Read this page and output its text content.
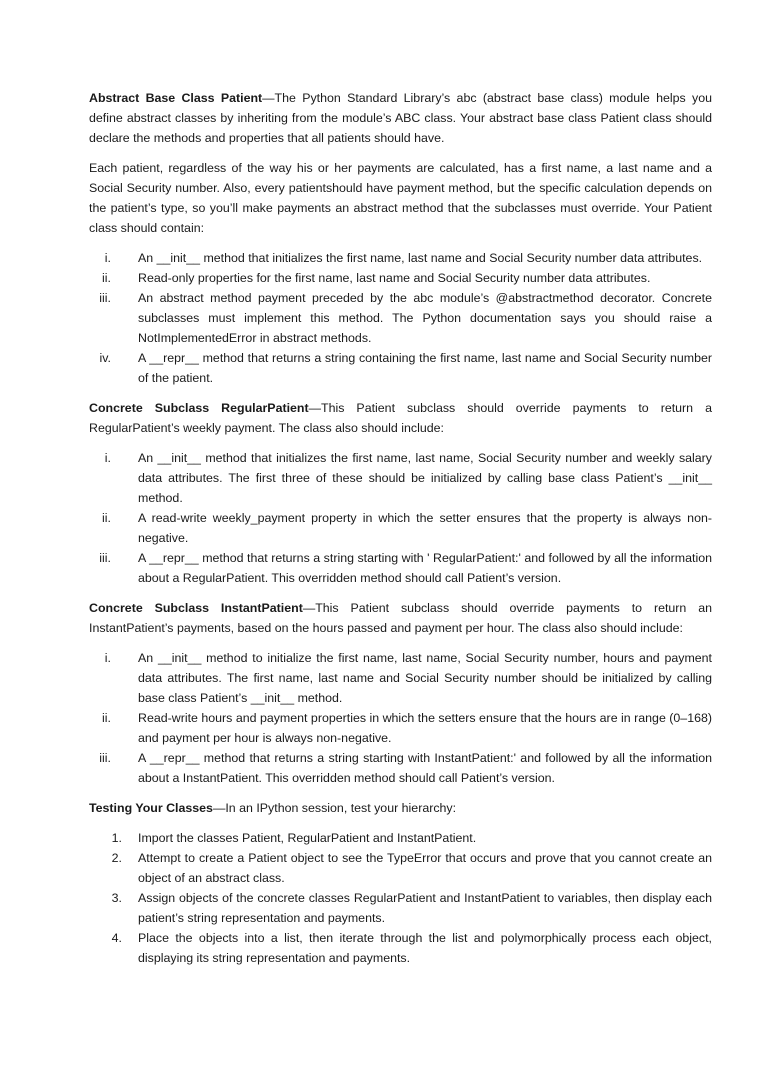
Abstract Base Class Patient—The Python Standard Library’s abc (abstract base class) module helps you define abstract classes by inheriting from the module’s ABC class. Your abstract base class Patient class should declare the methods and properties that all patients should have.

Each patient, regardless of the way his or her payments are calculated, has a first name, a last name and a Social Security number. Also, every patientshould have payment method, but the specific calculation depends on the patient’s type, so you’ll make payments an abstract method that the subclasses must override. Your Patient class should contain:

i. An __init__ method that initializes the first name, last name and Social Security number data attributes.
ii. Read-only properties for the first name, last name and Social Security number data attributes.
iii. An abstract method payment preceded by the abc module’s @abstractmethod decorator. Concrete subclasses must implement this method. The Python documentation says you should raise a NotImplementedError in abstract methods.
iv. A __repr__ method that returns a string containing the first name, last name and Social Security number of the patient.

Concrete Subclass RegularPatient—This Patient subclass should override payments to return a RegularPatient’s weekly payment. The class also should include:

i. An __init__ method that initializes the first name, last name, Social Security number and weekly salary data attributes. The first three of these should be initialized by calling base class Patient’s __init__ method.
ii. A read-write weekly_payment property in which the setter ensures that the property is always non-negative.
iii. A __repr__ method that returns a string starting with ' RegularPatient:' and followed by all the information about a RegularPatient. This overridden method should call Patient’s version.

Concrete Subclass InstantPatient—This Patient subclass should override payments to return an InstantPatient’s payments, based on the hours passed and payment per hour. The class also should include:

i. An __init__ method to initialize the first name, last name, Social Security number, hours and payment data attributes. The first name, last name and Social Security number should be initialized by calling base class Patient’s __init__ method.
ii. Read-write hours and payment properties in which the setters ensure that the hours are in range (0–168) and payment per hour is always non-negative.
iii. A __repr__ method that returns a string starting with InstantPatient:' and followed by all the information about a InstantPatient. This overridden method should call Patient’s version.

Testing Your Classes—In an IPython session, test your hierarchy:

1. Import the classes Patient, RegularPatient and InstantPatient.
2. Attempt to create a Patient object to see the TypeError that occurs and prove that you cannot create an object of an abstract class.
3. Assign objects of the concrete classes RegularPatient and InstantPatient to variables, then display each patient’s string representation and payments.
4. Place the objects into a list, then iterate through the list and polymorphically process each object, displaying its string representation and payments.
